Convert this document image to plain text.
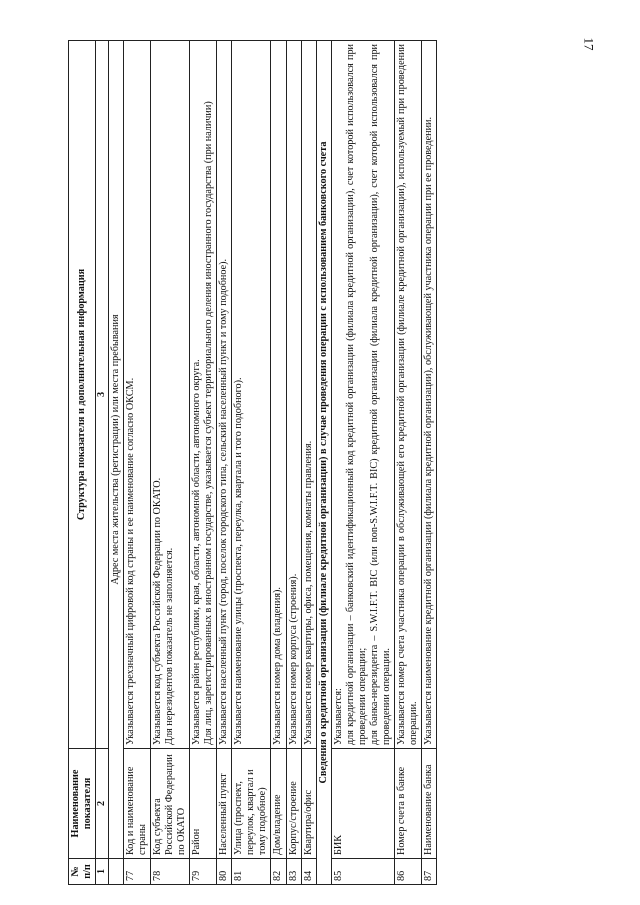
17
№ п/п	Наименование показателя	Структура показателя и дополнительная информация
1	2	3
	Адрес места жительства (регистрации) или места пребывания	
77	Код и наименование страны	Указывается трехзначный цифровой код страны и ее наименование согласно ОКСМ.

78	Код субъекта Российской Федерации по ОКАТО	Указывается код субъекта Российской Федерации по ОКАТО. Для нерезидентов показатель не заполняется.

79	Район	Указывается район республики, края, области, автономной области, автономного округа. Для лиц, зарегистрированных в иностранном государстве, указывается субъект территориального деления иностранного государства (при наличии)

80	Населенный пункт	Указывается населенный пункт (город, поселок городского типа, сельский населенный пункт и тому подобное).

81	Улица (проспект, переулок, квартал и тому подобное)	Указывается наименование улицы (проспекта, переулка, квартала и того подобного).

82	Дом/владение	Указывается номер дома (владения).

83	Корпус/строение	Указывается номер корпуса (строения).

84	Квартира/офис	Указывается номер квартиры, офиса, помещения, комнаты правления.

Сведения о кредитной организации (филиале кредитной организации) в случае проведения операции с использованием банковского счета		
85	БИК	Указывается: для кредитной организации – банковский идентификационный код кредитной организации (филиала кредитной организации), счет которой использовался при проведении операции; для банка-нерезидента – S.W.I.F.T. BIC (или non-S.W.I.F.T. BIC) кредитной организации (филиала кредитной организации), счет которой использовался при проведении операции.

86	Номер счета в банке	Указывается номер счета участника операции в обслуживающей его кредитной организации (филиале кредитной организации), используемый при проведении операции.

87	Наименование банка	Указывается наименование кредитной организации (филиала кредитной организации), обслуживающей участника операции при ее проведении.
